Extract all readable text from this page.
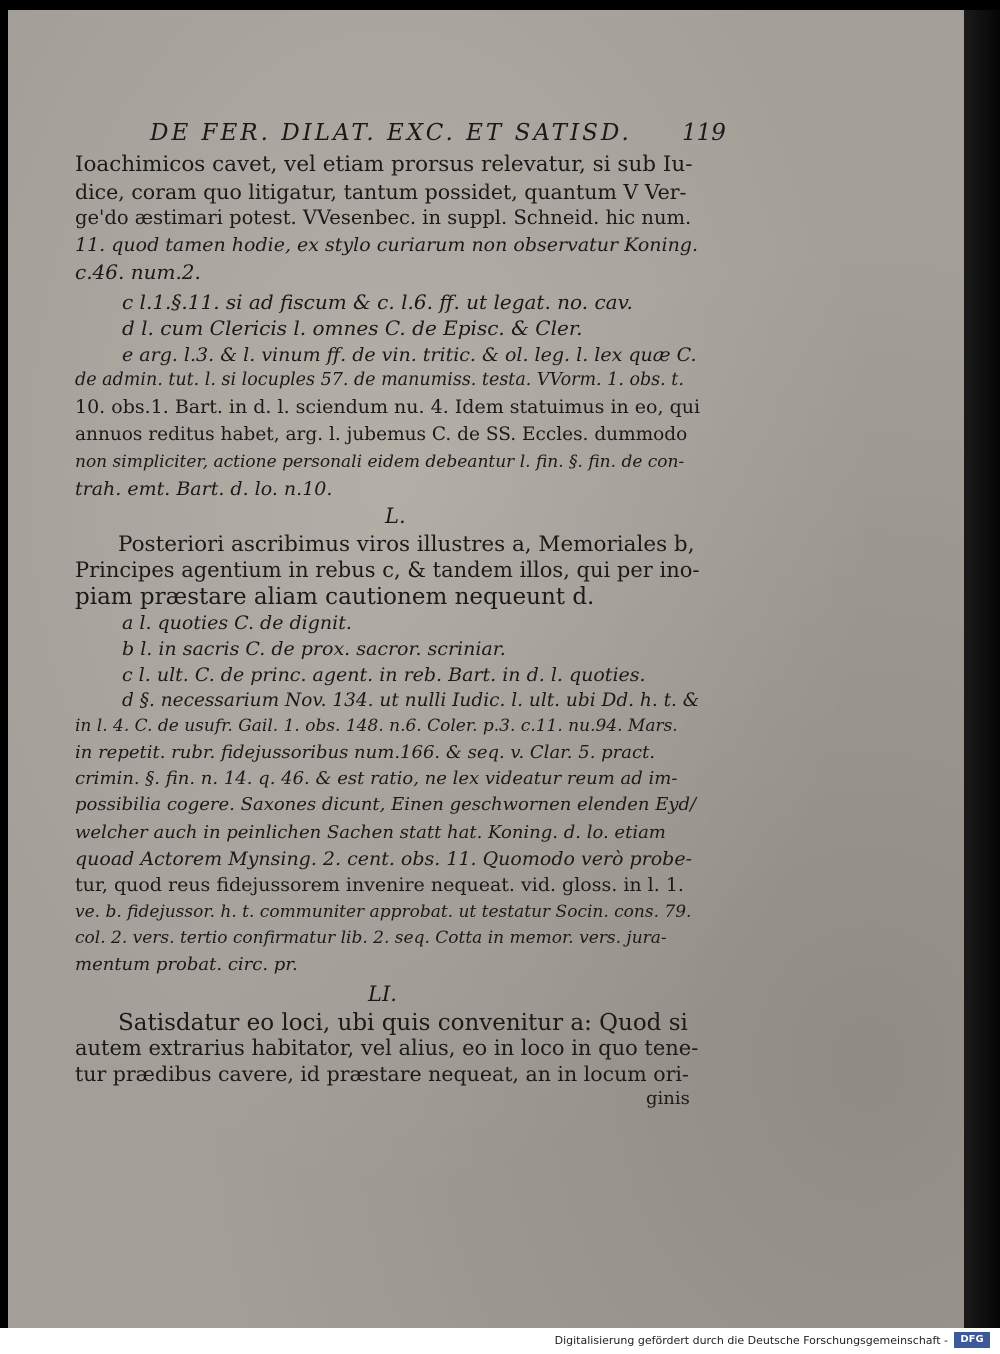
DE FER. DILAT. EXC. ET SATISD. 119
Ioachimicos cavet, vel etiam prorsus relevatur, si sub Iu-
dice, coram quo litigatur, tantum possidet, quantum V Ver-
ge'do æstimari potest. VVesenbec. in suppl. Schneid. hic num.
11. quod tamen hodie, ex stylo curiarum non observatur Koning.
c.46. num.2.
c l.1.§.11. si ad fiscum & c. l.6. ff. ut legat. no. cav.
d l. cum Clericis l. omnes C. de Episc. & Cler.
e arg. l.3. & l. vinum ff. de vin. tritic. & ol. leg. l. lex quæ C.
de admin. tut. l. si locuples 57. de manumiss. testa. VVorm. 1. obs. t.
10. obs.1. Bart. in d. l. sciendum nu. 4. Idem statuimus in eo, qui
annuos reditus habet, arg. l. jubemus C. de SS. Eccles. dummodo
non simpliciter, actione personali eidem debeantur l. fin. §. fin. de con-
trah. emt. Bart. d. lo. n.10.
L.
Posteriori ascribimus viros illustres a, Memoriales b,
Principes agentium in rebus c, & tandem illos, qui per ino-
piam præstare aliam cautionem nequeunt d.
a l. quoties C. de dignit.
b l. in sacris C. de prox. sacror. scriniar.
c l. ult. C. de princ. agent. in reb. Bart. in d. l. quoties.
d §. necessarium Nov. 134. ut nulli Iudic. l. ult. ubi Dd. h. t. &
in l. 4. C. de usufr. Gail. 1. obs. 148. n.6. Coler. p.3. c.11. nu.94. Mars.
in repetit. rubr. fidejussoribus num.166. & seq. v. Clar. 5. pract.
crimin. §. fin. n. 14. q. 46. & est ratio, ne lex videatur reum ad im-
possibilia cogere. Saxones dicunt, Einen geschwornen elenden Eyd/
welcher auch in peinlichen Sachen statt hat. Koning. d. lo. etiam
quoad Actorem Mynsing. 2. cent. obs. 11. Quomodo verò probe-
tur, quod reus fidejussorem invenire nequeat. vid. gloss. in l. 1.
ve. b. fidejussor. h. t. communiter approbat. ut testatur Socin. cons. 79.
col. 2. vers. tertio confirmatur lib. 2. seq. Cotta in memor. vers. jura-
mentum probat. circ. pr.
LI.
Satisdatur eo loci, ubi quis convenitur a: Quod si
autem extrarius habitator, vel alius, eo in loco in quo tene-
tur prædibus cavere, id præstare nequeat, an in locum ori-
ginis
Digitalisierung gefördert durch die Deutsche Forschungsgemeinschaft -	DFG
